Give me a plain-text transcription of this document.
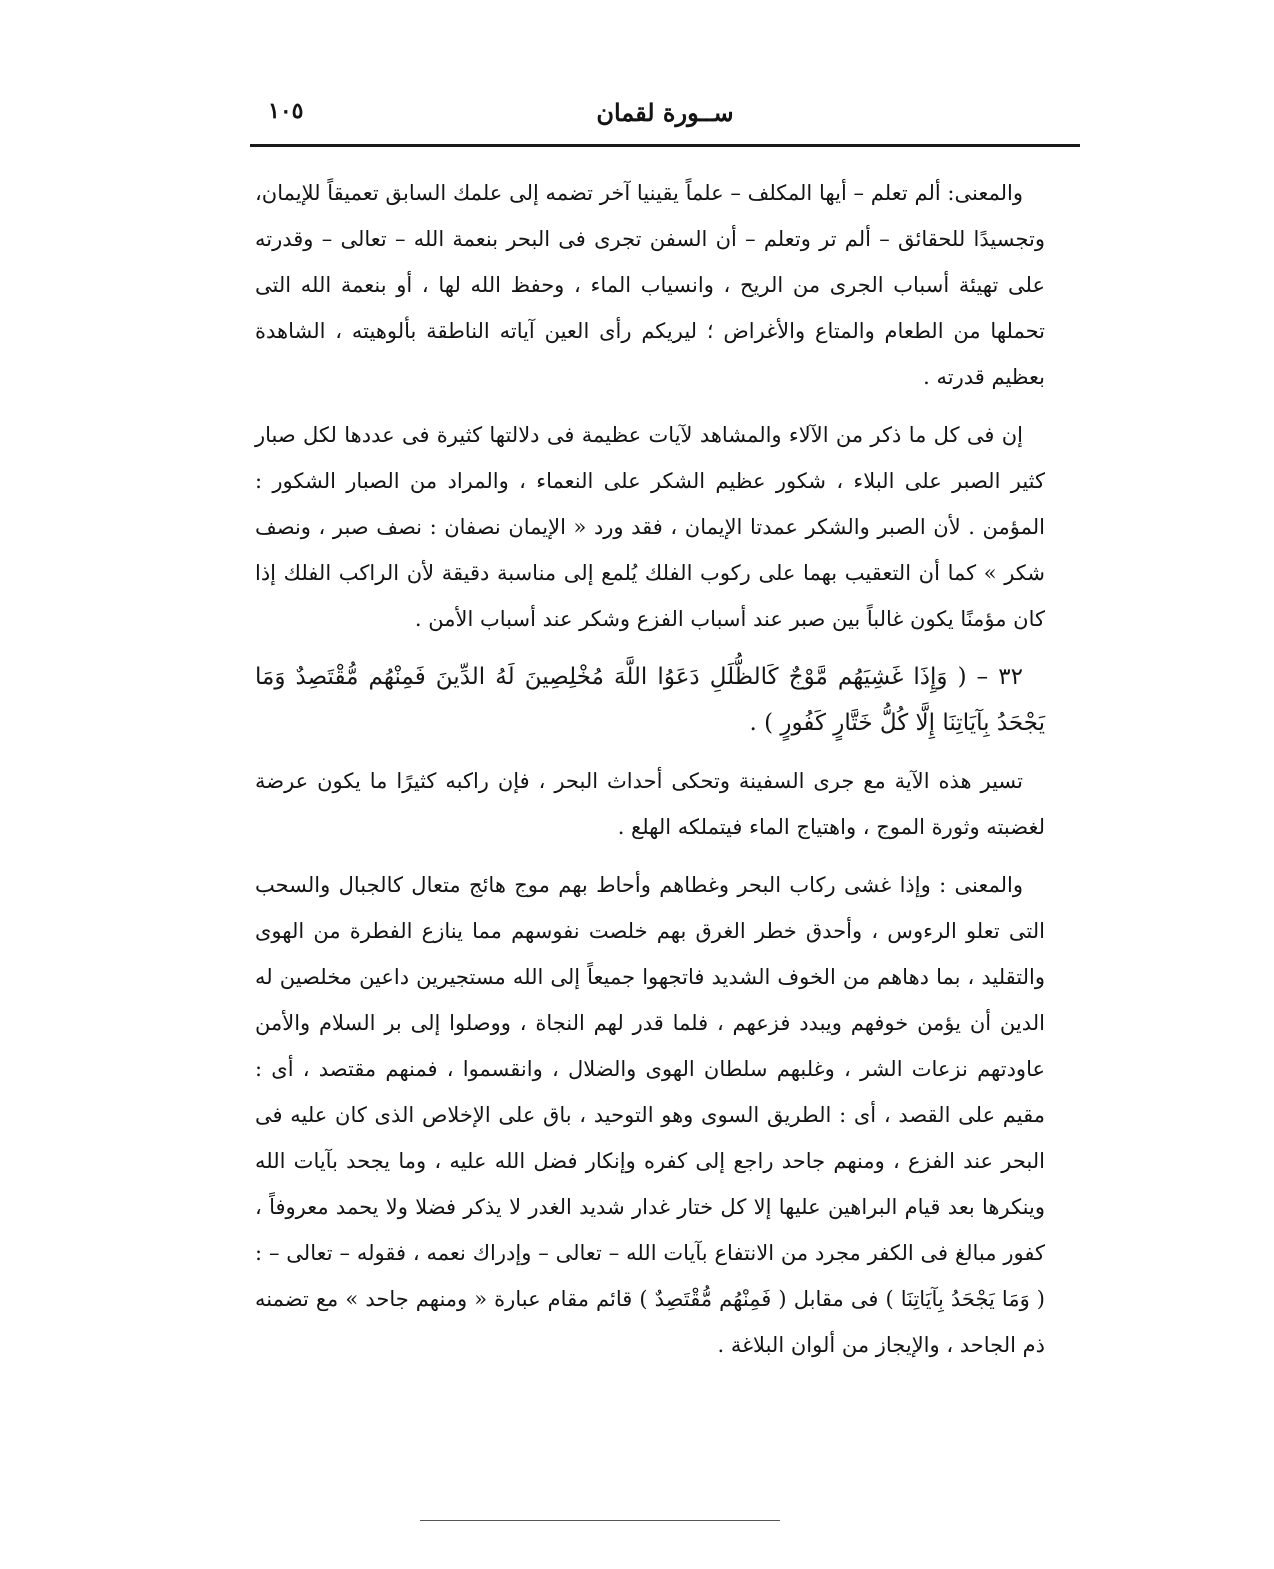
ســورة لقمان
١٠٥

والمعنى: ألم تعلم – أيها المكلف – علماً يقينيا آخر تضمه إلى علمك السابق تعميقاً للإيمان، وتجسيدًا للحقائق – ألم تر وتعلم – أن السفن تجرى فى البحر بنعمة الله – تعالى – وقدرته على تهيئة أسباب الجرى من الريح ، وانسياب الماء ، وحفظ الله لها ، أو بنعمة الله التى تحملها من الطعام والمتاع والأغراض ؛ ليريكم رأى العين آياته الناطقة بألوهيته ، الشاهدة بعظيم قدرته .

إن فى كل ما ذكر من الآلاء والمشاهد لآيات عظيمة فى دلالتها كثيرة فى عددها لكل صبار كثير الصبر على البلاء ، شكور عظيم الشكر على النعماء ، والمراد من الصبار الشكور : المؤمن . لأن الصبر والشكر عمدتا الإيمان ، فقد ورد « الإيمان نصفان : نصف صبر ، ونصف شكر » كما أن التعقيب بهما على ركوب الفلك يُلمع إلى مناسبة دقيقة لأن الراكب الفلك إذا كان مؤمنًا يكون غالباً بين صبر عند أسباب الفزع وشكر عند أسباب الأمن .

٣٢ – ( وَإِذَا غَشِيَهُم مَّوْجٌ كَالظُّلَلِ دَعَوُا اللَّهَ مُخْلِصِينَ لَهُ الدِّينَ فَمِنْهُم مُّقْتَصِدٌ وَمَا يَجْحَدُ بِآيَاتِنَا إِلَّا كُلُّ خَتَّارٍ كَفُورٍ ) .

تسير هذه الآية مع جرى السفينة وتحكى أحداث البحر ، فإن راكبه كثيرًا ما يكون عرضة لغضبته وثورة الموج ، واهتياج الماء فيتملكه الهلع .

والمعنى : وإذا غشى ركاب البحر وغطاهم وأحاط بهم موج هائج متعال كالجبال والسحب التى تعلو الرءوس ، وأحدق خطر الغرق بهم خلصت نفوسهم مما ينازع الفطرة من الهوى والتقليد ، بما دهاهم من الخوف الشديد فاتجهوا جميعاً إلى الله مستجيرين داعين مخلصين له الدين أن يؤمن خوفهم ويبدد فزعهم ، فلما قدر لهم النجاة ، ووصلوا إلى بر السلام والأمن عاودتهم نزعات الشر ، وغلبهم سلطان الهوى والضلال ، وانقسموا ، فمنهم مقتصد ، أى : مقيم على القصد ، أى : الطريق السوى وهو التوحيد ، باق على الإخلاص الذى كان عليه فى البحر عند الفزع ، ومنهم جاحد راجع إلى كفره وإنكار فضل الله عليه ، وما يجحد بآيات الله وينكرها بعد قيام البراهين عليها إلا كل ختار غدار شديد الغدر لا يذكر فضلا ولا يحمد معروفاً ، كفور مبالغ فى الكفر مجرد من الانتفاع بآيات الله – تعالى – وإدراك نعمه ، فقوله – تعالى – : ( وَمَا يَجْحَدُ بِآيَاتِنَا ) فى مقابل ( فَمِنْهُم مُّقْتَصِدٌ ) قائم مقام عبارة « ومنهم جاحد » مع تضمنه ذم الجاحد ، والإيجاز من ألوان البلاغة .
